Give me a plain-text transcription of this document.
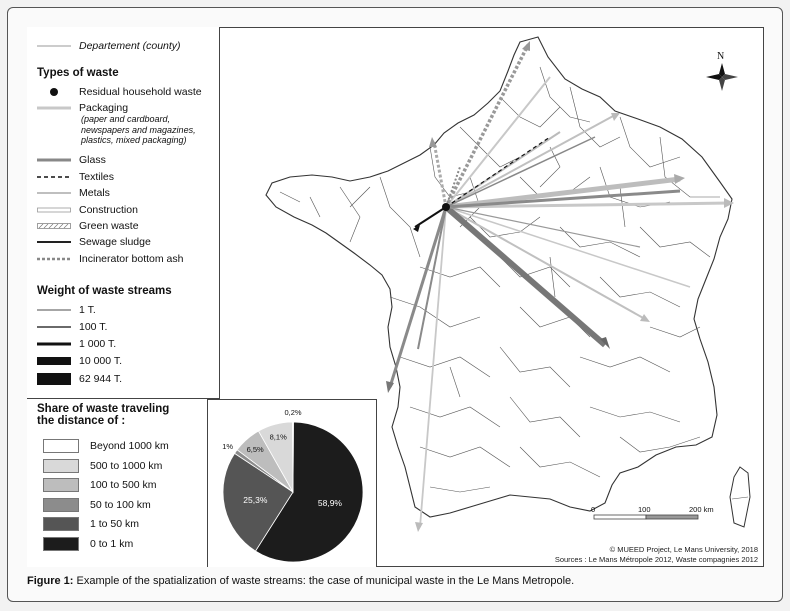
N
0	100	200 km
© MUEED Project, Le Mans University, 2018
Sources : Le Mans Métropole 2012, Waste compagnies 2012
Departement (county)
Types of waste
Residual household waste
Packaging
(paper and cardboard, newspapers and magazines, plastics, mixed packaging)
Glass
Textiles
Metals
Construction
Green waste
Sewage sludge
Incinerator bottom ash
Weight of waste streams
1 T.
100 T.
1 000 T.
10 000 T.
62 944 T.
Share of waste traveling
the distance of :
Beyond 1000 km
500 to 1000 km
100 to 500 km
50 to 100 km
1 to 50 km
0 to 1 km
58,9%
25,3%
1% 6,5%
8,1%
0,2%
Figure 1: Example of the spatialization of waste streams: the case of municipal waste in the Le Mans Metropole.
